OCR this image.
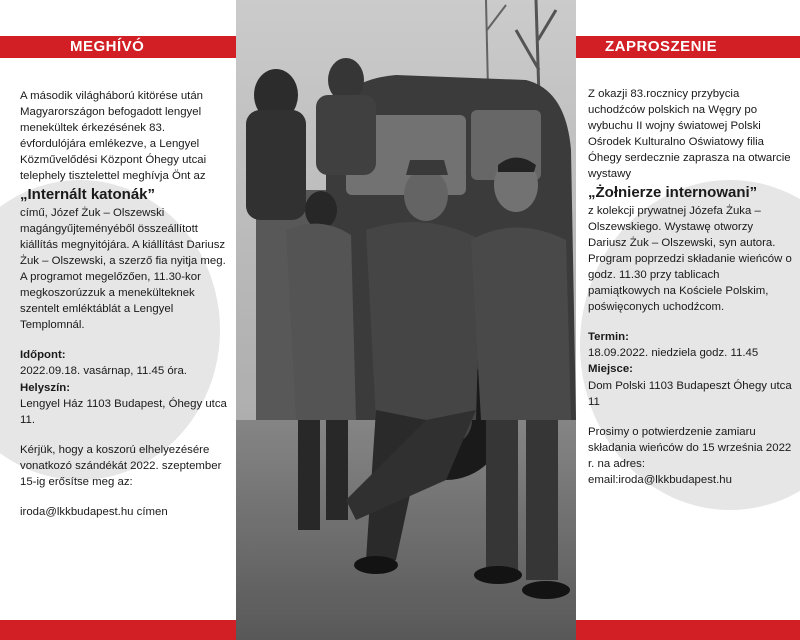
MEGHÍVÓ	ZAPROSZENIE

A második világháború kitörése után Magyarországon befogadott lengyel menekültek érkezésének 83. évfordulójára emlékezve, a Lengyel Közművelődési Központ Óhegy utcai telephely tisztelettel meghívja Önt az

„Internált katonák”

című, Józef Żuk – Olszewski magángyűjteményéből összeállított kiállítás megnyitójára. A kiállítást Dariusz Żuk – Olszewski, a szerző fia nyitja meg. A programot megelőzően, 11.30-kor megkoszorúzzuk a menekülteknek szentelt emléktáblát a Lengyel Templomnál.

Időpont:

2022.09.18. vasárnap, 11.45 óra.

Helyszín:

Lengyel Ház 1103 Budapest, Óhegy utca 11.

Kérjük, hogy a koszorú elhelyezésére vonatkozó szándékát 2022. szeptember 15-ig erősítse meg az:

iroda@lkkbudapest.hu címen

Z okazji 83.rocznicy przybycia uchodźców polskich na Węgry po wybuchu II wojny światowej Polski Ośrodek Kulturalno Oświatowy filia Óhegy serdecznie zaprasza na otwarcie wystawy

„Żołnierze internowani”

z kolekcji prywatnej Józefa Żuka – Olszewskiego. Wystawę otworzy Dariusz Żuk – Olszewski, syn autora. Program poprzedzi składanie wieńców o godz. 11.30 przy tablicach pamiątkowych na Kościele Polskim, poświęconych uchodźcom.

Termin:

18.09.2022. niedziela godz. 11.45

Miejsce:

Dom Polski 1103 Budapeszt Óhegy utca 11

Prosimy o potwierdzenie zamiaru składania wieńców do 15 września 2022 r. na adres:

email:iroda@lkkbudapest.hu
